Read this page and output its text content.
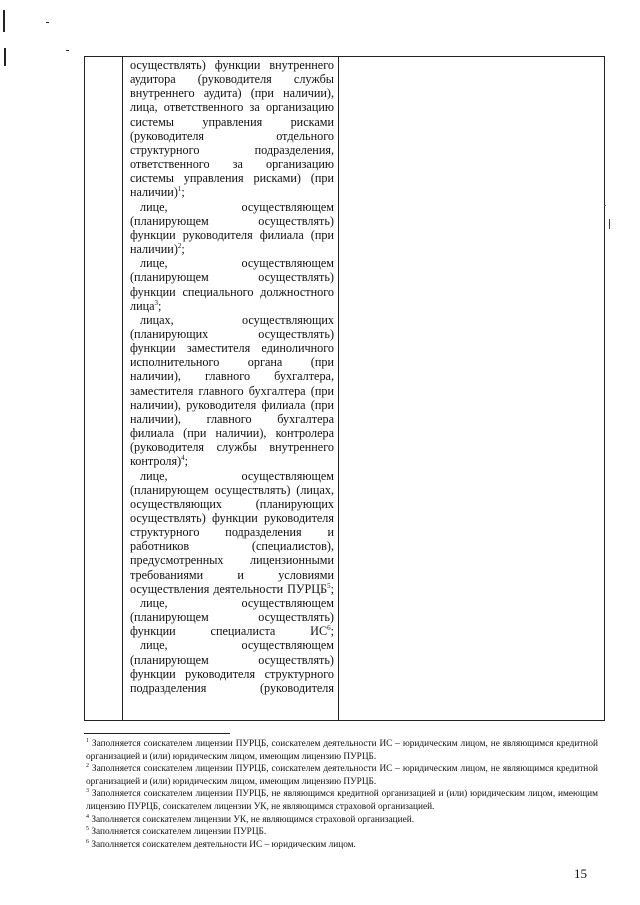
осуществлять) функции внутреннего аудитора (руководителя службы внутреннего аудита) (при наличии), лица, ответственного за организацию системы управления рисками (руководителя отдельного структурного подразделения, ответственного за организацию системы управления рисками) (при наличии)$^1$;

лице, осуществляющем (планирующем осуществлять) функции руководителя филиала (при наличии)$^2$;

лице, осуществляющем (планирующем осуществлять) функции специального должностного лица$^3$;

лицах, осуществляющих (планирующих осуществлять) функции заместителя единоличного исполнительного органа (при наличии), главного бухгалтера, заместителя главного бухгалтера (при наличии), руководителя филиала (при наличии), главного бухгалтера филиала (при наличии), контролера (руководителя службы внутреннего контроля)$^4$;

лице, осуществляющем (планирующем осуществлять) (лицах, осуществляющих (планирующих осуществлять) функции руководителя структурного подразделения и работников (специалистов), предусмотренных лицензионными требованиями и условиями осуществления деятельности ПУРЦБ$^5$;

лице, осуществляющем (планирующем осуществлять) функции специалиста $ИС^6$;

лице, осуществляющем (планирующем осуществлять) функции руководителя структурного подразделения (руководителя

$^1$ Заполняется соискателем лицензии ПУРЦБ, соискателем деятельности ИС – юридическим лицом, не являющимся кредитной организацией и (или) юридическим лицом, имеющим лицензию ПУРЦБ.

$^2$ Заполняется соискателем лицензии ПУРЦБ, соискателем деятельности ИС – юридическим лицом, не являющимся кредитной организацией и (или) юридическим лицом, имеющим лицензию ПУРЦБ.

$^3$ Заполняется соискателем лицензии ПУРЦБ, не являющимся кредитной организацией и (или) юридическим лицом, имеющим лицензию ПУРЦБ, соискателем лицензии УК, не являющимся страховой организацией.

$^4$ Заполняется соискателем лицензии УК, не являющимся страховой организацией.

$^5$ Заполняется соискателем лицензии ПУРЦБ.

$^6$ Заполняется соискателем деятельности ИС – юридическим лицом.

15
